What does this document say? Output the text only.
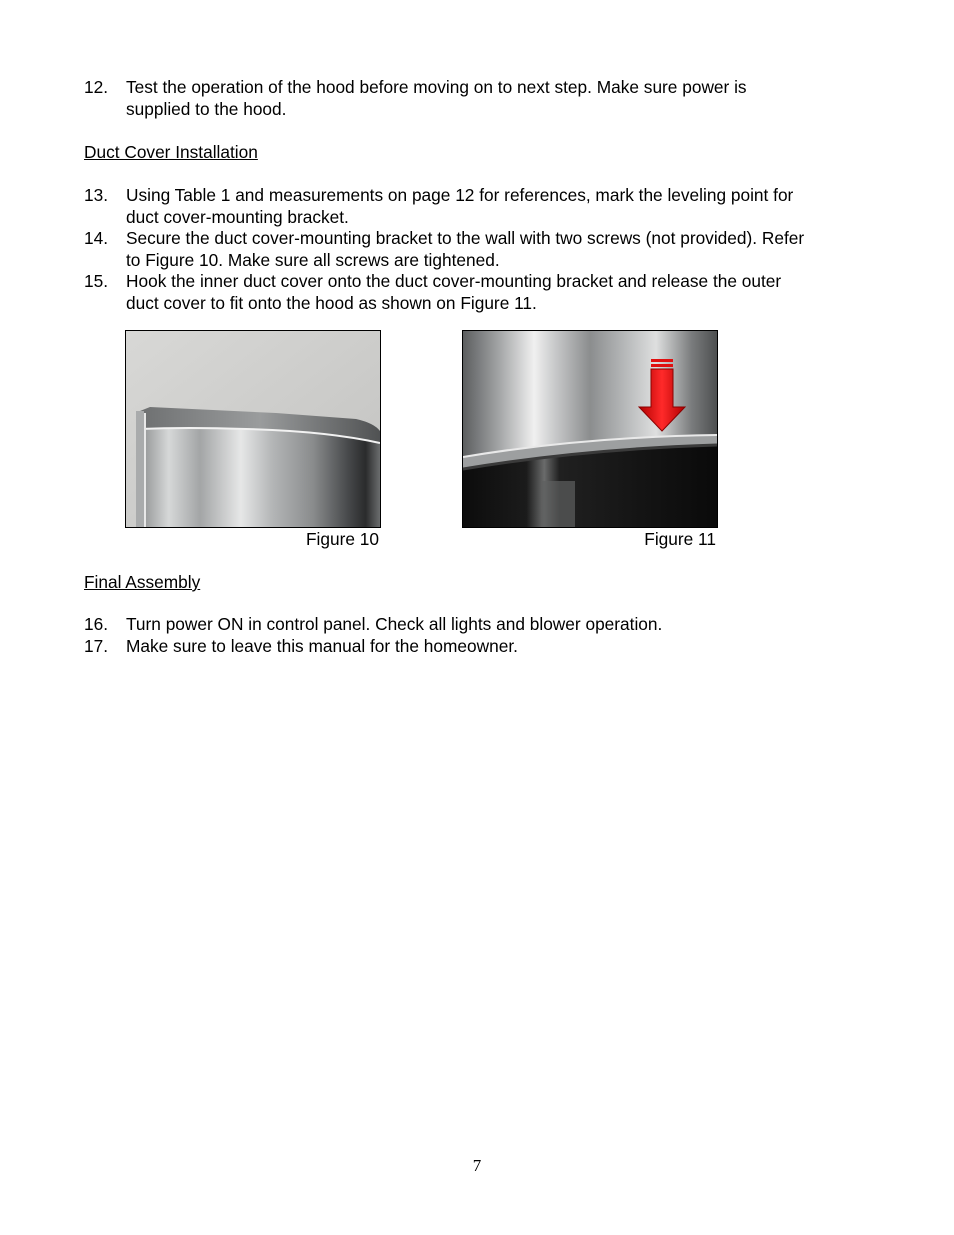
12.	Test the operation of the hood before moving on to next step. Make sure power is
supplied to the hood.
Duct Cover Installation
13.	Using Table 1 and measurements on page 12 for references, mark the leveling point for
duct cover-mounting bracket.
14.	Secure the duct cover-mounting bracket to the wall with two screws (not provided). Refer
to Figure 10. Make sure all screws are tightened.
15.	Hook the inner duct cover onto the duct cover-mounting bracket and release the outer
duct cover to fit onto the hood as shown on Figure 11.
Figure 10	Figure 11
Final Assembly
16.	Turn power ON in control panel. Check all lights and blower operation.
17.	Make sure to leave this manual for the homeowner.
7
